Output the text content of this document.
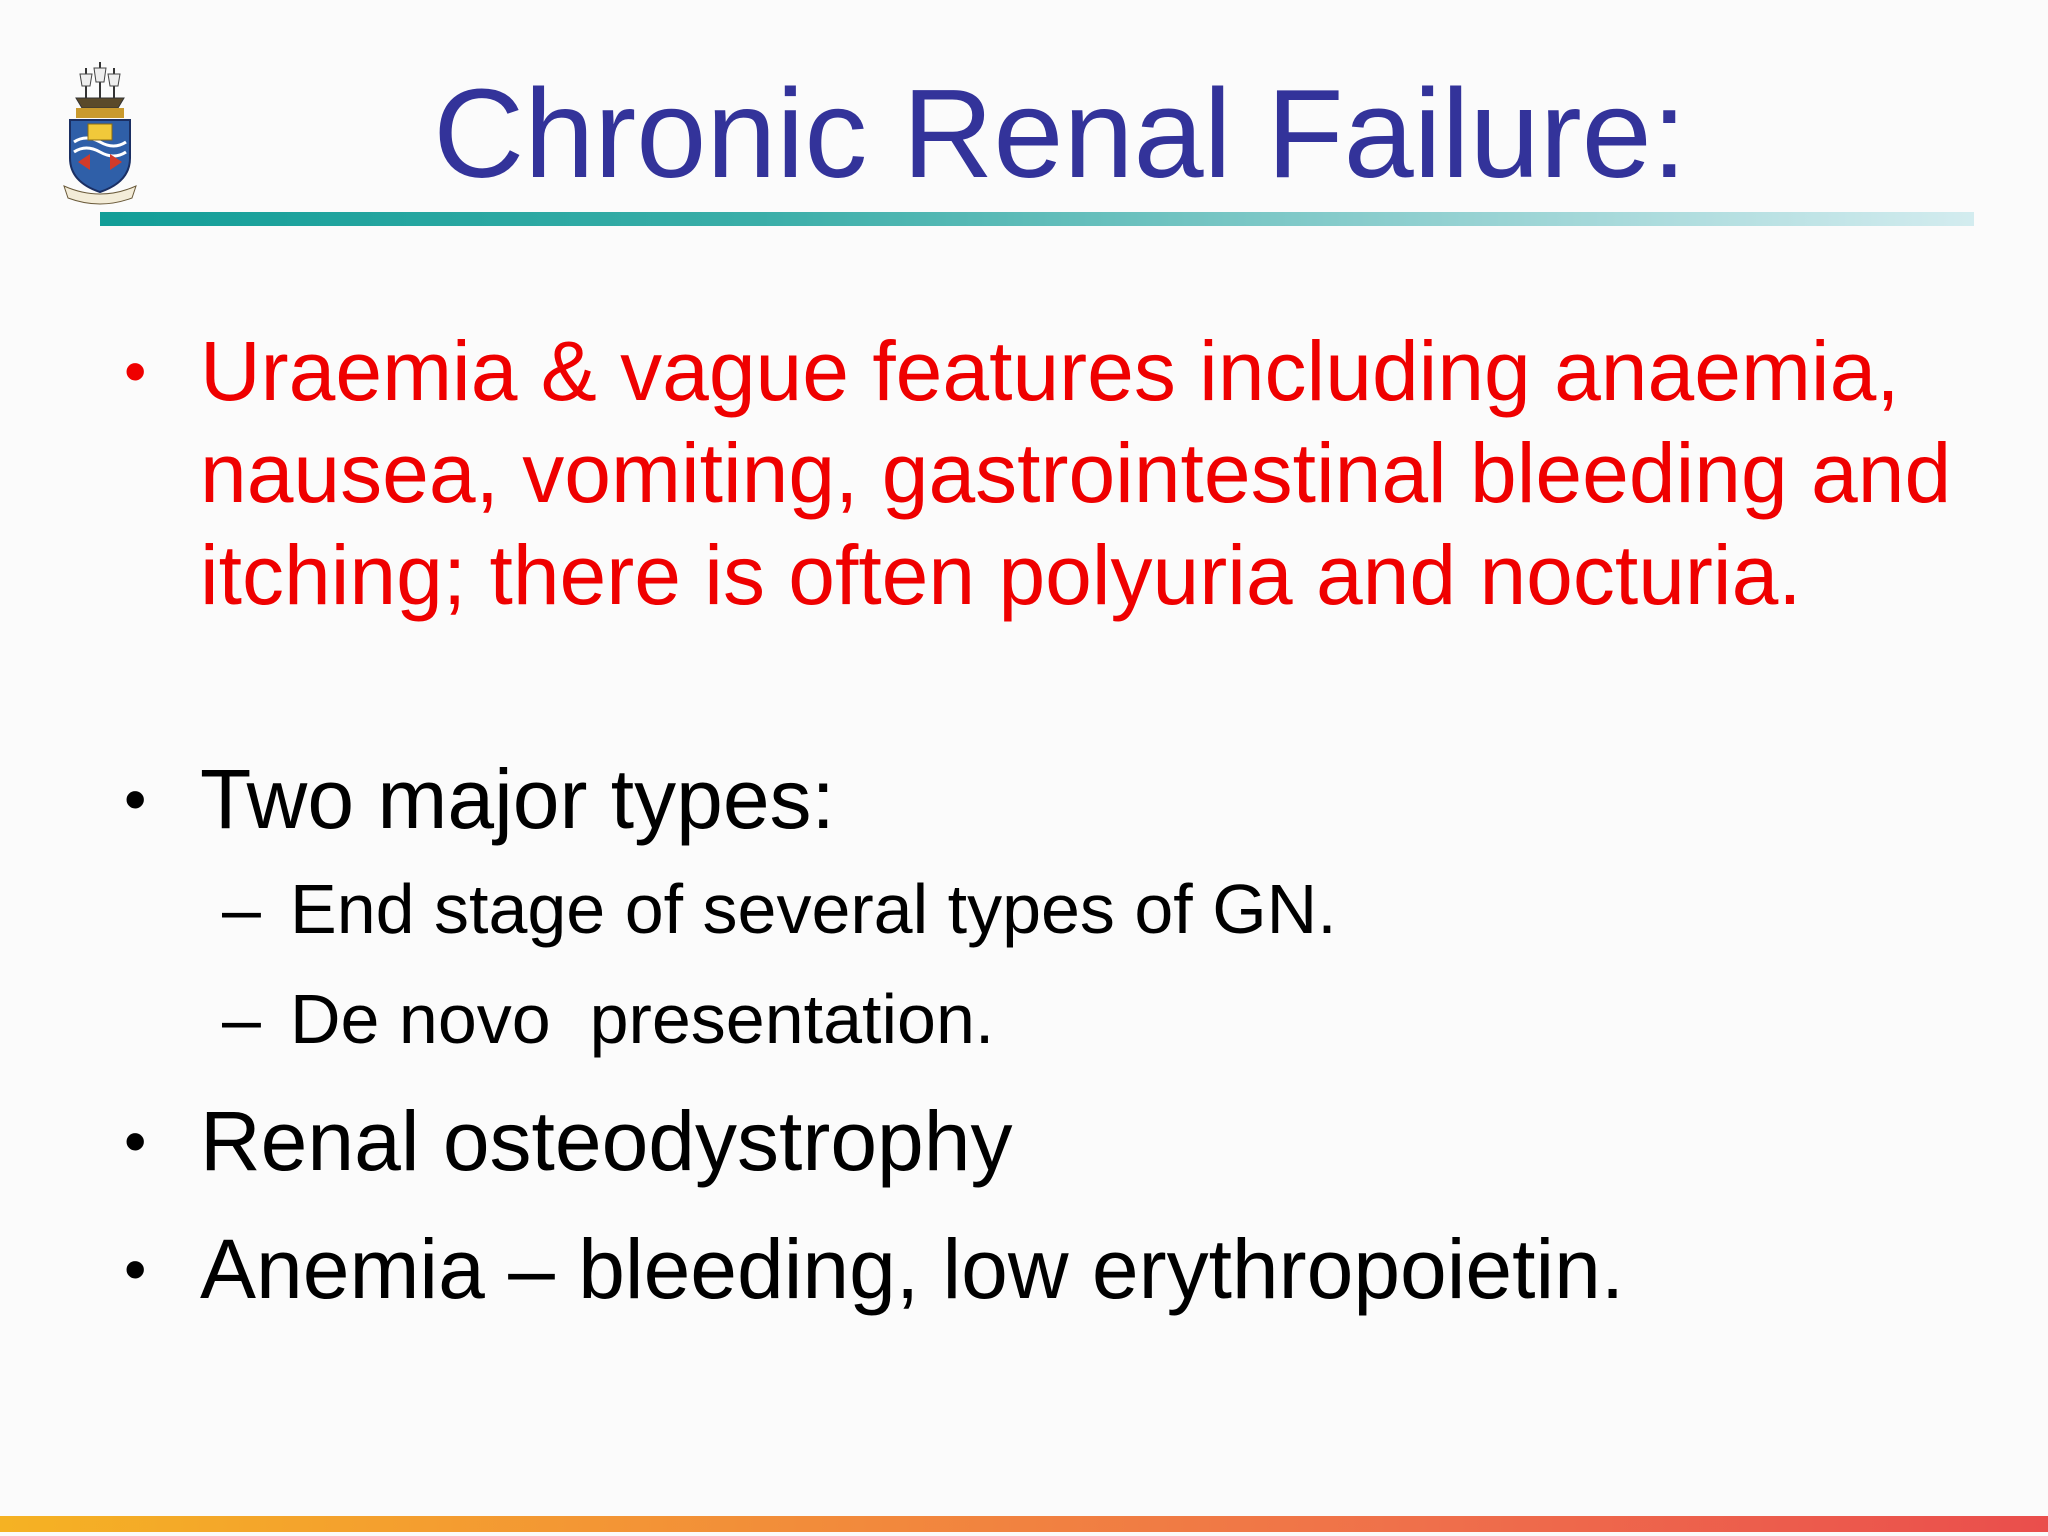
Chronic Renal Failure:
• Uraemia & vague features including anaemia, nausea, vomiting, gastrointestinal bleeding and itching; there is often polyuria and nocturia.
• Two major types:
– End stage of several types of GN.
– De novo  presentation.
• Renal osteodystrophy
• Anemia – bleeding, low erythropoietin.
